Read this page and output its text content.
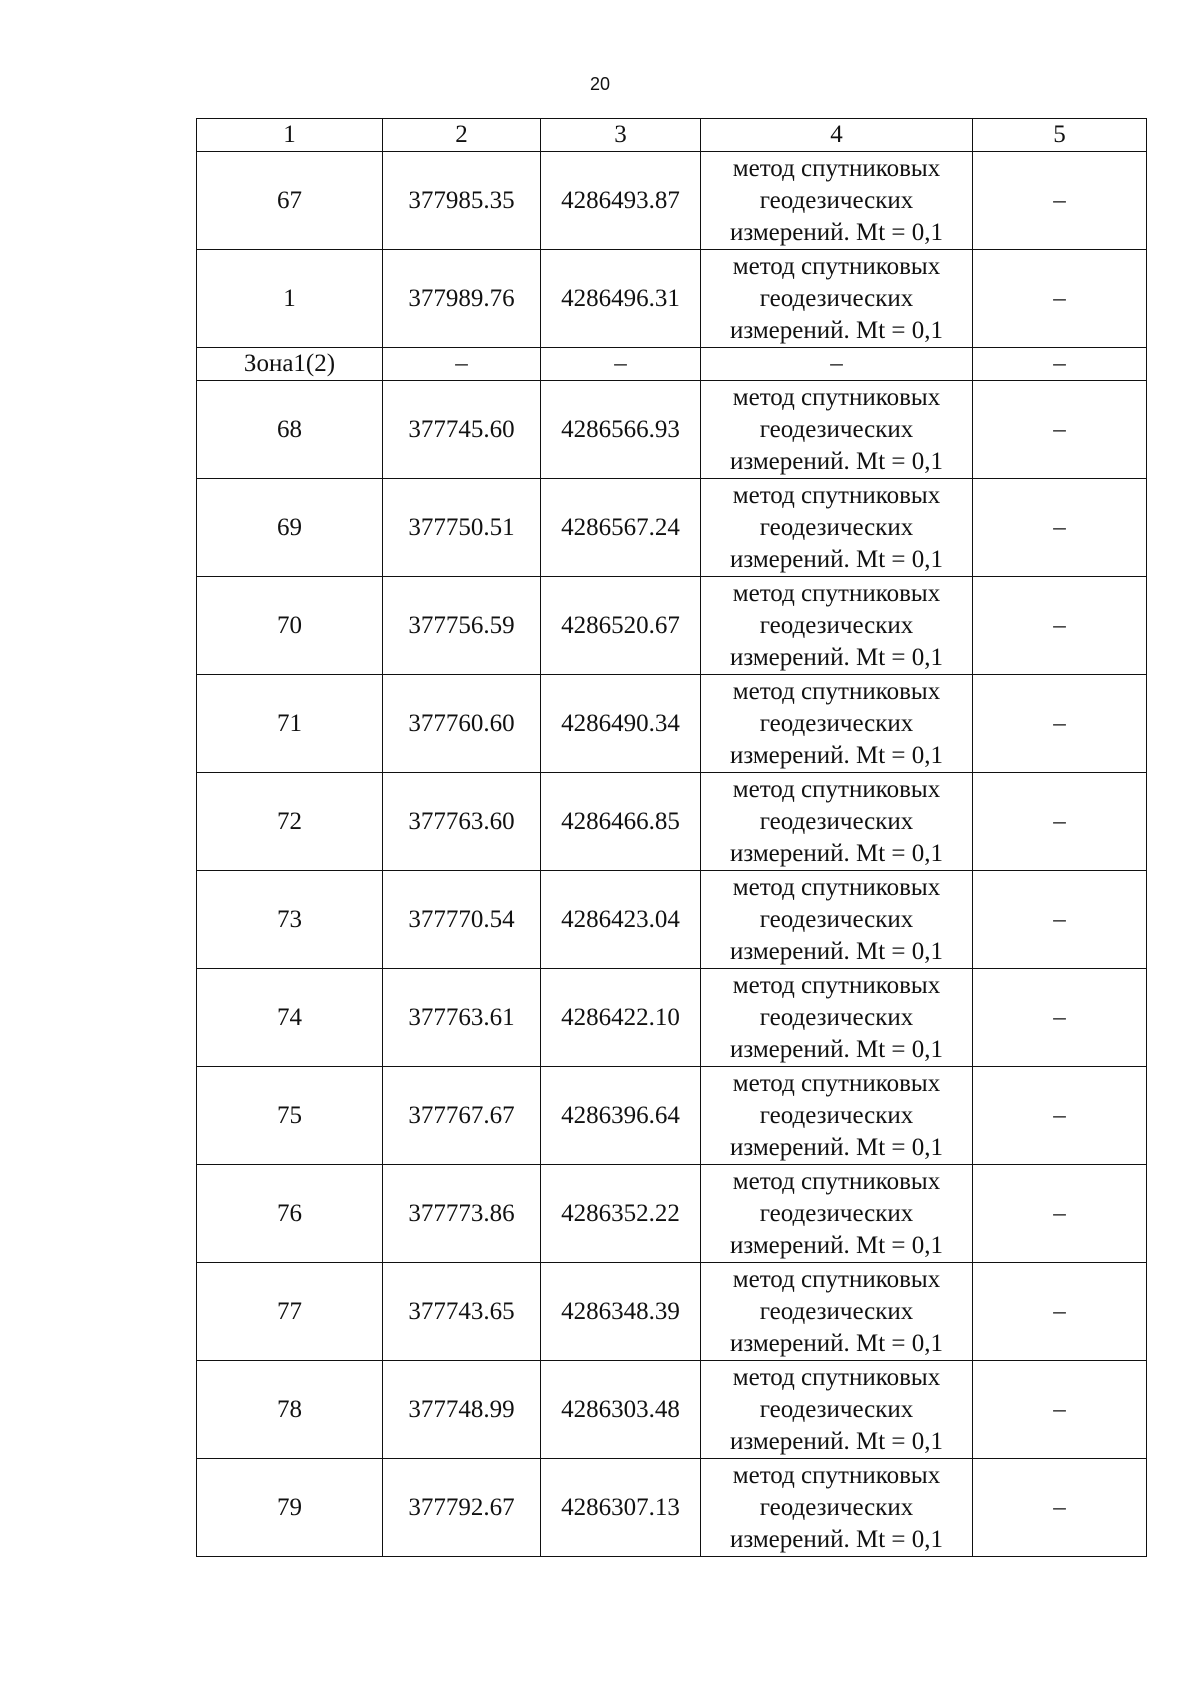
20
1	2	3	4	5
67	377985.35	4286493.87	метод спутниковых
геодезических
измерений. Mt = 0,1	–
1	377989.76	4286496.31	метод спутниковых
геодезических
измерений. Mt = 0,1	–
Зона1(2)	–	–	–	–
68	377745.60	4286566.93	метод спутниковых
геодезических
измерений. Mt = 0,1	–
69	377750.51	4286567.24	метод спутниковых
геодезических
измерений. Mt = 0,1	–
70	377756.59	4286520.67	метод спутниковых
геодезических
измерений. Mt = 0,1	–
71	377760.60	4286490.34	метод спутниковых
геодезических
измерений. Mt = 0,1	–
72	377763.60	4286466.85	метод спутниковых
геодезических
измерений. Mt = 0,1	–
73	377770.54	4286423.04	метод спутниковых
геодезических
измерений. Mt = 0,1	–
74	377763.61	4286422.10	метод спутниковых
геодезических
измерений. Mt = 0,1	–
75	377767.67	4286396.64	метод спутниковых
геодезических
измерений. Mt = 0,1	–
76	377773.86	4286352.22	метод спутниковых
геодезических
измерений. Mt = 0,1	–
77	377743.65	4286348.39	метод спутниковых
геодезических
измерений. Mt = 0,1	–
78	377748.99	4286303.48	метод спутниковых
геодезических
измерений. Mt = 0,1	–
79	377792.67	4286307.13	метод спутниковых
геодезических
измерений. Mt = 0,1	–
